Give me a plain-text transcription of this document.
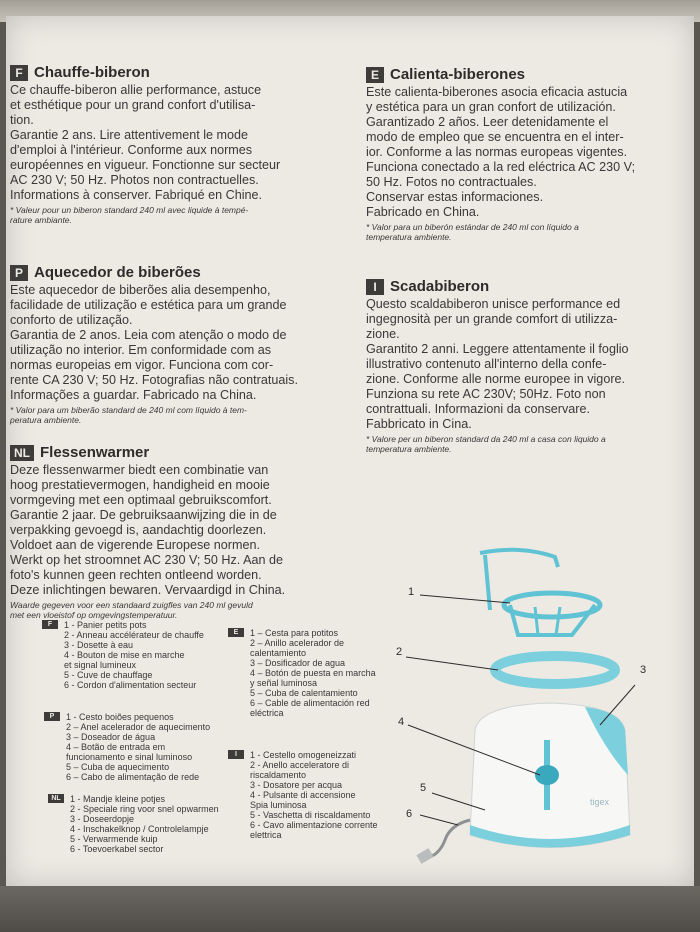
F Chauffe-biberon
Ce chauffe-biberon allie performance, astuce
et esthétique pour un grand confort d'utilisa-
tion.
Garantie 2 ans. Lire attentivement le mode
d'emploi à l'intérieur. Conforme aux normes
européennes en vigueur. Fonctionne sur secteur
AC 230 V; 50 Hz. Photos non contractuelles.
Informations à conserver. Fabriqué en Chine.
* Valeur pour un biberon standard 240 ml avec liquide à tempé-
rature ambiante.
E Calienta-biberones
Este calienta-biberones asocia eficacia astucia
y estética para un gran confort de utilización.
Garantizado 2 años. Leer detenidamente el
modo de empleo que se encuentra en el inter-
ior. Conforme a las normas europeas vigentes.
Funciona conectado a la red eléctrica AC 230 V;
50 Hz. Fotos no contractuales.
Conservar estas informaciones.
Fabricado en China.
* Valor para un biberón estándar de 240 ml con líquido a
temperatura ambiente.
P Aquecedor de biberões
Este aquecedor de biberões alia desempenho,
facilidade de utilização e estética para um grande
conforto de utilização.
Garantia de 2 anos. Leia com atenção o modo de
utilização no interior. Em conformidade com as
normas europeias em vigor. Funciona com cor-
rente CA 230 V; 50 Hz. Fotografias não contratuais.
Informações a guardar. Fabricado na China.
* Valor para um biberão standard de 240 ml com líquido à tem-
peratura ambiente.
I Scadabiberon
Questo scaldabiberon unisce performance ed
ingegnosità per un grande comfort di utilizza-
zione.
Garantito 2 anni. Leggere attentamente il foglio
illustrativo contenuto all'interno della confe-
zione. Conforme alle norme europee in vigore.
Funziona su rete AC 230V; 50Hz. Foto non
contrattuali. Informazioni da conservare.
Fabbricato in Cina.
* Valore per un biberon standard da 240 ml a casa con liquido a
temperatura ambiente.
NL Flessenwarmer
Deze flessenwarmer biedt een combinatie van
hoog prestatievermogen, handigheid en mooie
vormgeving met een optimaal gebruikscomfort.
Garantie 2 jaar. De gebruiksaanwijzing die in de
verpakking gevoegd is, aandachtig doorlezen.
Voldoet aan de vigerende Europese normen.
Werkt op het stroomnet AC 230 V; 50 Hz. Aan de
foto's kunnen geen rechten ontleend worden.
Deze inlichtingen bewaren. Vervaardigd in China.
Waarde gegeven voor een standaard zuigfles van 240 ml gevuld
met een vloeistof op omgevingstemperatuur.
F	1 - Panier petits pots
2 - Anneau accélérateur de chauffe
3 - Dosette à eau
4 - Bouton de mise en marche
et signal lumineux
5 - Cuve de chauffage
6 - Cordon d'alimentation secteur
E	1 – Cesta para potitos
2 – Anillo acelerador de
calentamiento
3 – Dosificador de agua
4 – Botón de puesta en marcha
y señal luminosa
5 – Cuba de calentamiento
6 – Cable de alimentación red
eléctrica
P	1 - Cesto boiões pequenos
2 – Anel acelerador de aquecimento
3 – Doseador de água
4 – Botão de entrada em
funcionamento e sinal luminoso
5 – Cuba de aquecimento
6 – Cabo de alimentação de rede
I	1 - Cestello omogeneizzati
2 - Anello acceleratore di
riscaldamento
3 - Dosatore per acqua
4 - Pulsante di accensione
Spia luminosa
5 - Vaschetta di riscaldamento
6 - Cavo alimentazione corrente
elettrica
NL	1 - Mandje kleine potjes
2 - Speciale ring voor snel opwarmen
3 - Doseerdopje
4 - Inschakelknop / Controlelampje
5 - Verwarmende kuip
6 - Toevoerkabel sector
tigex
1
2
3
4
5
6
